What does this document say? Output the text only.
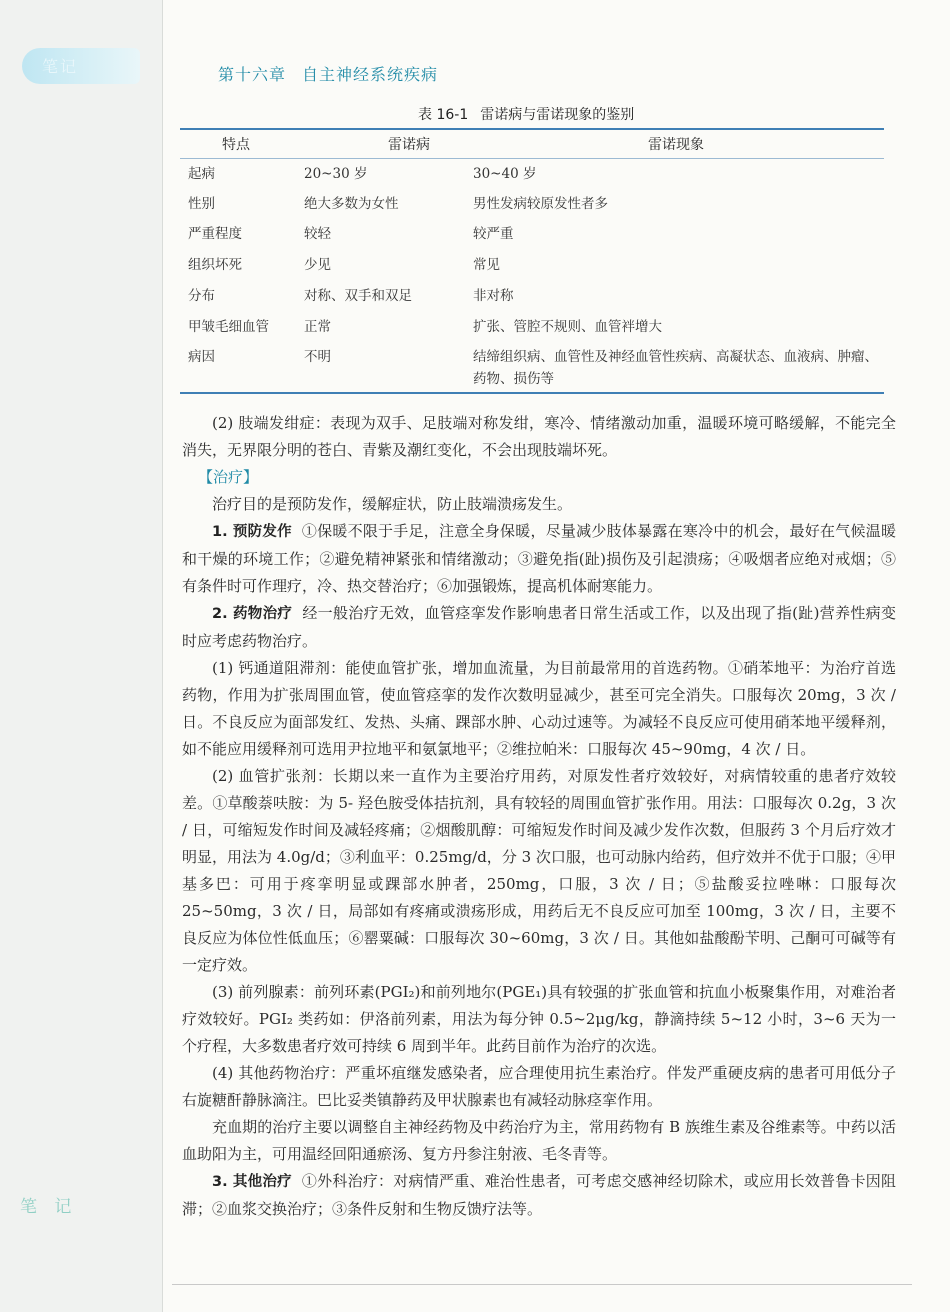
笔记
笔 记
第十六章 自主神经系统疾病
表 16-1 雷诺病与雷诺现象的鉴别
特点	雷诺病	雷诺现象
起病	20~30 岁	30~40 岁
性别	绝大多数为女性	男性发病较原发性者多
严重程度	较轻	较严重
组织坏死	少见	常见
分布	对称、双手和双足	非对称
甲皱毛细血管	正常	扩张、管腔不规则、血管袢增大
病因	不明	结缔组织病、血管性及神经血管性疾病、高凝状态、血液病、肿瘤、药物、损伤等

(2) 肢端发绀症：表现为双手、足肢端对称发绀，寒冷、情绪激动加重，温暖环境可略缓解，不能完全消失，无界限分明的苍白、青紫及潮红变化，不会出现肢端坏死。

【治疗】

治疗目的是预防发作，缓解症状，防止肢端溃疡发生。

1. 预防发作 ①保暖不限于手足，注意全身保暖，尽量减少肢体暴露在寒冷中的机会，最好在气候温暖和干燥的环境工作；②避免精神紧张和情绪激动；③避免指(趾)损伤及引起溃疡；④吸烟者应绝对戒烟；⑤有条件时可作理疗，冷、热交替治疗；⑥加强锻炼，提高机体耐寒能力。

2. 药物治疗 经一般治疗无效，血管痉挛发作影响患者日常生活或工作，以及出现了指(趾)营养性病变时应考虑药物治疗。

(1) 钙通道阻滞剂：能使血管扩张，增加血流量，为目前最常用的首选药物。①硝苯地平：为治疗首选药物，作用为扩张周围血管，使血管痉挛的发作次数明显减少，甚至可完全消失。口服每次 20mg，3 次 / 日。不良反应为面部发红、发热、头痛、踝部水肿、心动过速等。为减轻不良反应可使用硝苯地平缓释剂，如不能应用缓释剂可选用尹拉地平和氨氯地平；②维拉帕米：口服每次 45~90mg，4 次 / 日。

(2) 血管扩张剂：长期以来一直作为主要治疗用药，对原发性者疗效较好，对病情较重的患者疗效较差。①草酸萘呋胺：为 5- 羟色胺受体拮抗剂，具有较轻的周围血管扩张作用。用法：口服每次 0.2g，3 次 / 日，可缩短发作时间及减轻疼痛；②烟酸肌醇：可缩短发作时间及减少发作次数，但服药 3 个月后疗效才明显，用法为 4.0g/d；③利血平：0.25mg/d，分 3 次口服，也可动脉内给药，但疗效并不优于口服；④甲基多巴：可用于疼挛明显或踝部水肿者，250mg，口服，3 次 / 日；⑤盐酸妥拉唑啉：口服每次 25~50mg，3 次 / 日，局部如有疼痛或溃疡形成，用药后无不良反应可加至 100mg，3 次 / 日，主要不良反应为体位性低血压；⑥罂粟碱：口服每次 30~60mg，3 次 / 日。其他如盐酸酚苄明、己酮可可碱等有一定疗效。

(3) 前列腺素：前列环素(PGI₂)和前列地尔(PGE₁)具有较强的扩张血管和抗血小板聚集作用，对难治者疗效较好。PGI₂ 类药如：伊洛前列素，用法为每分钟 0.5~2μg/kg，静滴持续 5~12 小时，3~6 天为一个疗程，大多数患者疗效可持续 6 周到半年。此药目前作为治疗的次选。

(4) 其他药物治疗：严重坏疽继发感染者，应合理使用抗生素治疗。伴发严重硬皮病的患者可用低分子右旋糖酐静脉滴注。巴比妥类镇静药及甲状腺素也有减轻动脉痉挛作用。

充血期的治疗主要以调整自主神经药物及中药治疗为主，常用药物有 B 族维生素及谷维素等。中药以活血助阳为主，可用温经回阳通瘀汤、复方丹参注射液、毛冬青等。

3. 其他治疗 ①外科治疗：对病情严重、难治性患者，可考虑交感神经切除术，或应用长效普鲁卡因阻滞；②血浆交换治疗；③条件反射和生物反馈疗法等。
